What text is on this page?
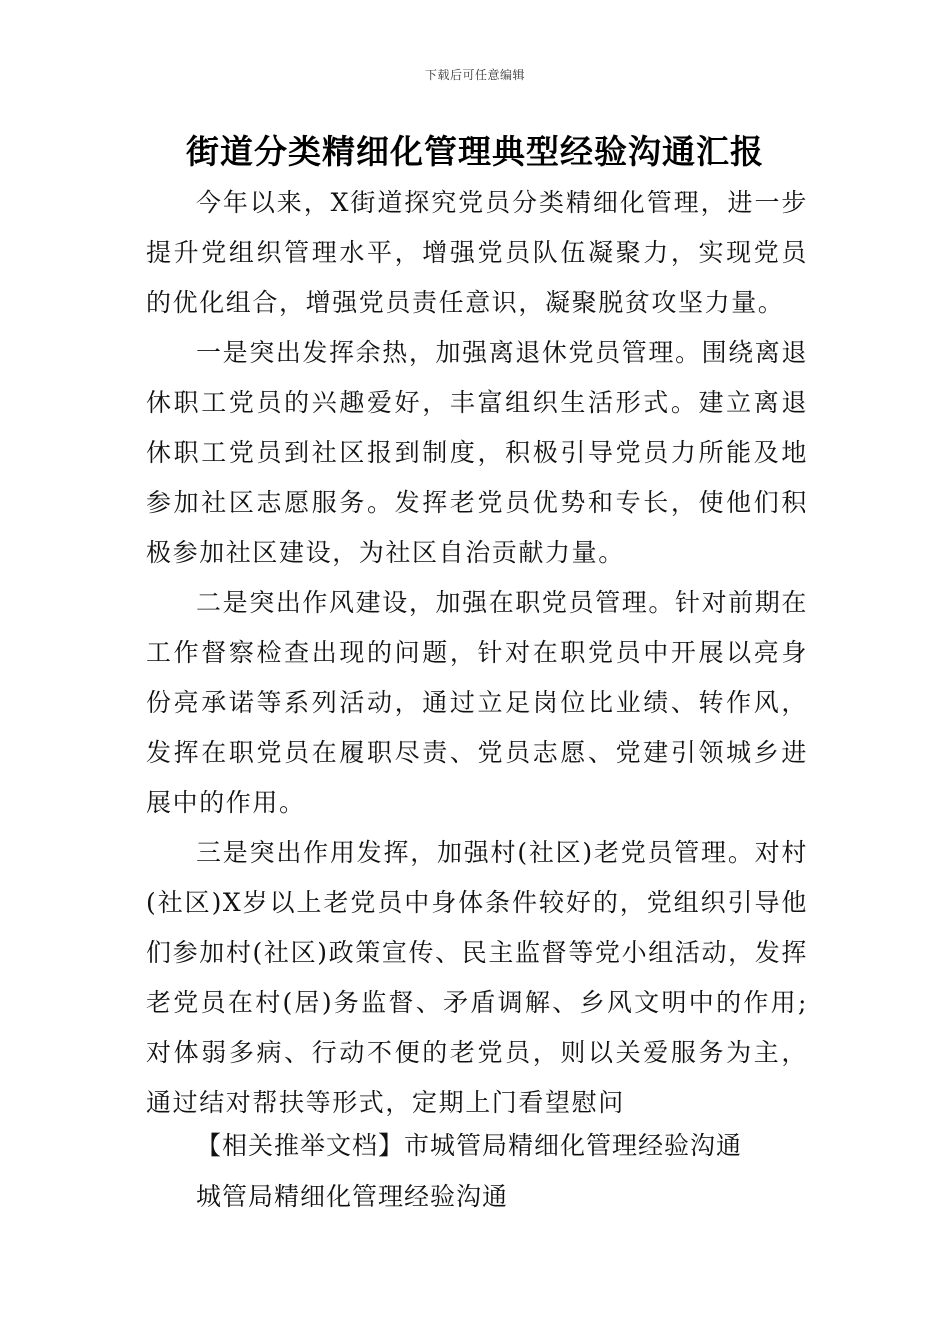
下载后可任意编辑
街道分类精细化管理典型经验沟通汇报

今年以来，X街道探究党员分类精细化管理，进一步提升党组织管理水平，增强党员队伍凝聚力，实现党员的优化组合，增强党员责任意识，凝聚脱贫攻坚力量。

一是突出发挥余热，加强离退休党员管理。围绕离退休职工党员的兴趣爱好，丰富组织生活形式。建立离退休职工党员到社区报到制度，积极引导党员力所能及地参加社区志愿服务。发挥老党员优势和专长，使他们积极参加社区建设，为社区自治贡献力量。

二是突出作风建设，加强在职党员管理。针对前期在工作督察检查出现的问题，针对在职党员中开展以亮身份亮承诺等系列活动，通过立足岗位比业绩、转作风，发挥在职党员在履职尽责、党员志愿、党建引领城乡进展中的作用。

三是突出作用发挥，加强村(社区)老党员管理。对村(社区)X岁以上老党员中身体条件较好的，党组织引导他们参加村(社区)政策宣传、民主监督等党小组活动，发挥老党员在村(居)务监督、矛盾调解、乡风文明中的作用;对体弱多病、行动不便的老党员，则以关爱服务为主，通过结对帮扶等形式，定期上门看望慰问

【相关推举文档】市城管局精细化管理经验沟通
城管局精细化管理经验沟通
